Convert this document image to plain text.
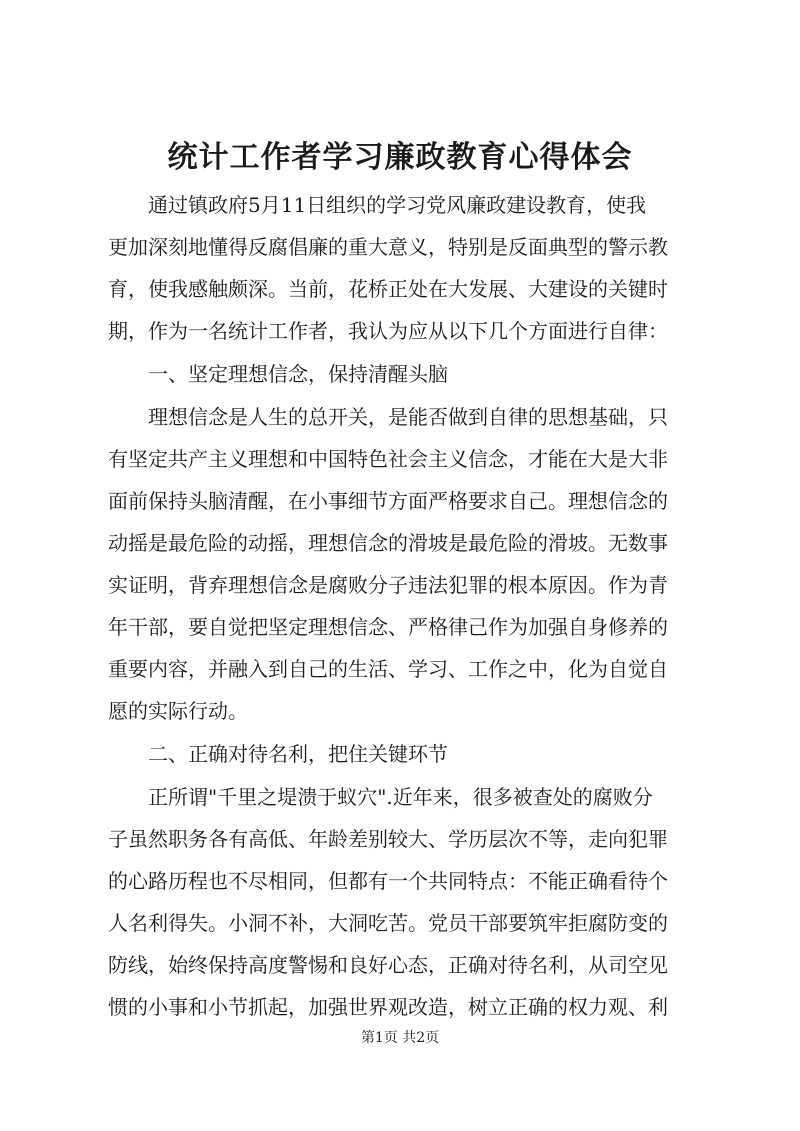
统计工作者学习廉政教育心得体会
　　通过镇政府5月11日组织的学习党风廉政建设教育，使我
更加深刻地懂得反腐倡廉的重大意义，特别是反面典型的警示教
育，使我感触颇深。当前，花桥正处在大发展、大建设的关键时
期，作为一名统计工作者，我认为应从以下几个方面进行自律：
　　一、坚定理想信念，保持清醒头脑
　　理想信念是人生的总开关，是能否做到自律的思想基础，只
有坚定共产主义理想和中国特色社会主义信念，才能在大是大非
面前保持头脑清醒，在小事细节方面严格要求自己。理想信念的
动摇是最危险的动摇，理想信念的滑坡是最危险的滑坡。无数事
实证明，背弃理想信念是腐败分子违法犯罪的根本原因。作为青
年干部，要自觉把坚定理想信念、严格律己作为加强自身修养的
重要内容，并融入到自己的生活、学习、工作之中，化为自觉自
愿的实际行动。
　　二、正确对待名利，把住关键环节
　　正所谓"千里之堤溃于蚁穴".近年来，很多被查处的腐败分
子虽然职务各有高低、年龄差别较大、学历层次不等，走向犯罪
的心路历程也不尽相同，但都有一个共同特点：不能正确看待个
人名利得失。小洞不补，大洞吃苦。党员干部要筑牢拒腐防变的
防线，始终保持高度警惕和良好心态，正确对待名利，从司空见
惯的小事和小节抓起，加强世界观改造，树立正确的权力观、利
第1页 共2页
